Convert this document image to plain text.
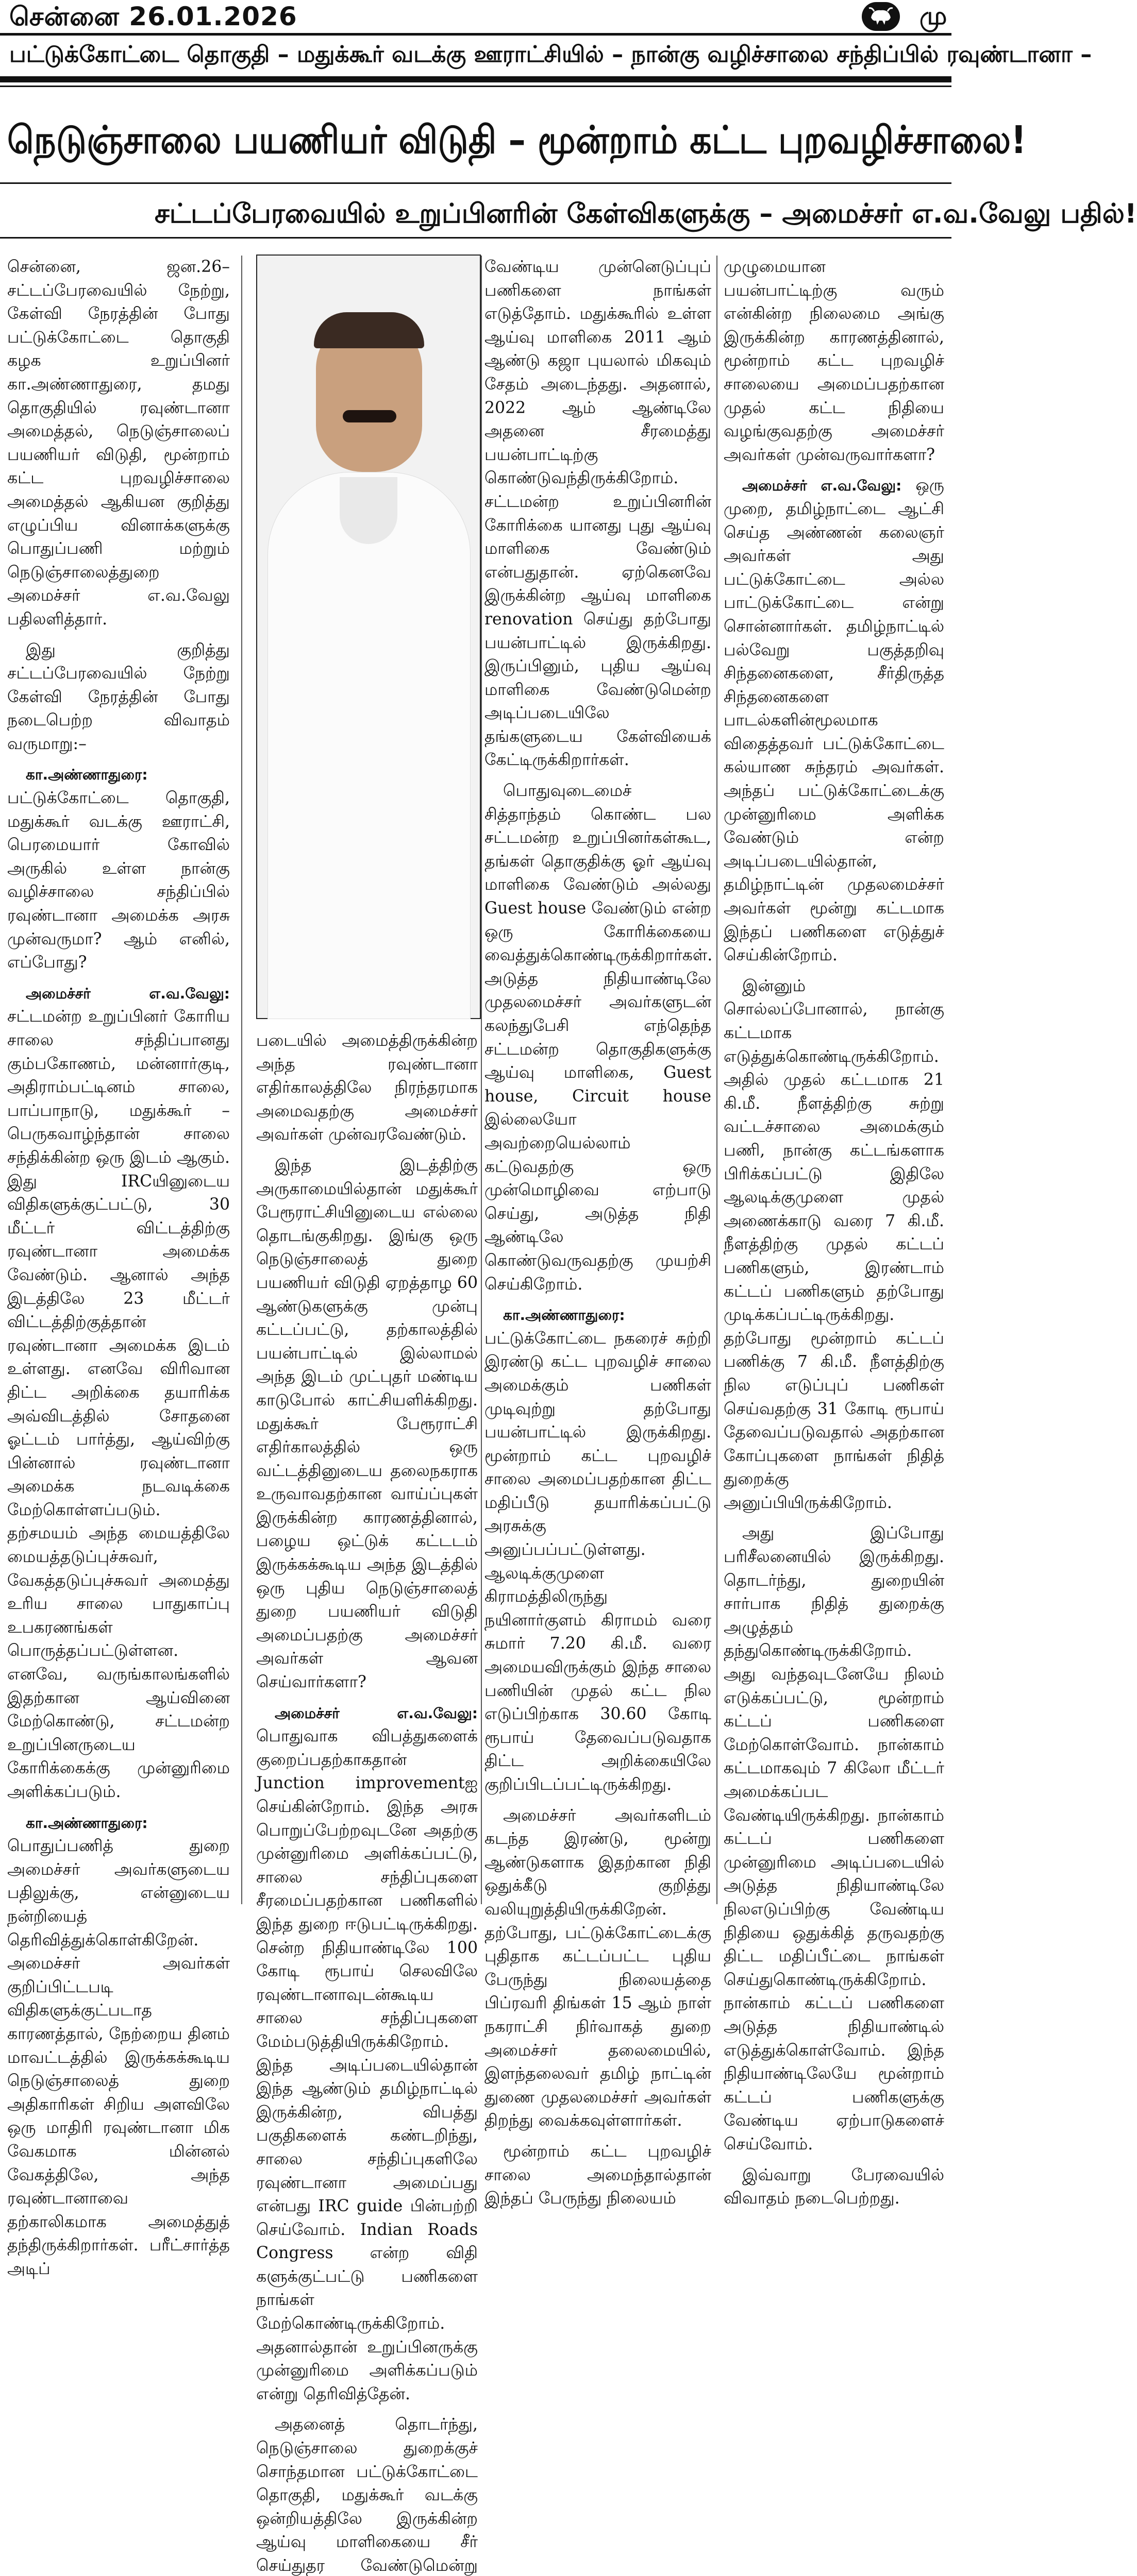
சென்னை 26.01.2026	மு
பட்டுக்கோட்டை தொகுதி – மதுக்கூர் வடக்கு ஊராட்சியில் – நான்கு வழிச்சாலை சந்திப்பில் ரவுண்டானா –
நெடுஞ்சாலை பயணியர் விடுதி – மூன்றாம் கட்ட புறவழிச்சாலை!
சட்டப்பேரவையில் உறுப்பினரின் கேள்விகளுக்கு – அமைச்சர் எ.வ.வேலு பதில்!

சென்னை, ஜன.26– சட்டப்பேரவையில் நேற்று, கேள்வி நேரத்தின் போது பட்டுக்கோட்டை தொகுதி கழக உறுப்பினர் கா.அண்ணாதுரை, தமது தொகுதியில் ரவுண்டானா அமைத்தல், நெடுஞ்சாலைப் பயணியர் விடுதி, மூன்றாம் கட்ட புறவழிச்சாலை அமைத்தல் ஆகியன குறித்து எழுப்பிய வினாக்களுக்கு பொதுப்பணி மற்றும் நெடுஞ்சாலைத்துறை அமைச்சர் எ.வ.வேலு பதிலளித்தார்.

இது குறித்து சட்டப்பேரவையில் நேற்று கேள்வி நேரத்தின் போது நடைபெற்ற விவாதம் வருமாறு:–

கா.அண்ணாதுரை: பட்டுக்கோட்டை தொகுதி, மதுக்கூர் வடக்கு ஊராட்சி, பெரமையார் கோவில் அருகில் உள்ள நான்கு வழிச்சாலை சந்திப்பில் ரவுண்டானா அமைக்க அரசு முன்வருமா? ஆம் எனில், எப்போது?

அமைச்சர் எ.வ.வேலு: சட்டமன்ற உறுப்பினர் கோரிய சாலை சந்திப்பானது கும்பகோணம், மன்னார்குடி, அதிராம்பட்டினம் சாலை, பாப்பாநாடு, மதுக்கூர் –பெருகவாழ்ந்தான் சாலை சந்திக்கின்ற ஒரு இடம் ஆகும். இது IRCயினுடைய விதிகளுக்குட்பட்டு, 30 மீட்டர் விட்டத்திற்கு ரவுண்டானா அமைக்க வேண்டும். ஆனால் அந்த இடத்திலே 23 மீட்டர் விட்டத்திற்குத்தான் ரவுண்டானா அமைக்க இடம் உள்ளது. எனவே விரிவான திட்ட அறிக்கை தயாரிக்க அவ்விடத்தில் சோதனை ஓட்டம் பார்த்து, ஆய்விற்கு பின்னால் ரவுண்டானா அமைக்க நடவடிக்கை மேற்கொள்ளப்படும். தற்சமயம் அந்த மையத்திலே மையத்தடுப்புச்சுவர், வேகத்தடுப்புச்சுவர் அமைத்து உரிய சாலை பாதுகாப்பு உபகரணங்கள் பொருத்தப்பட்டுள்ளன. எனவே, வருங்காலங்களில் இதற்கான ஆய்வினை மேற்கொண்டு, சட்டமன்ற உறுப்பினருடைய கோரிக்கைக்கு முன்னுரிமை அளிக்கப்படும்.

கா.அண்ணாதுரை: பொதுப்பணித் துறை அமைச்சர் அவர்களுடைய பதிலுக்கு, என்னுடைய நன்றியைத் தெரிவித்துக்கொள்கிறேன். அமைச்சர் அவர்கள் குறிப்பிட்டபடி விதிகளுக்குட்படாத காரணத்தால், நேற்றைய தினம் மாவட்டத்தில் இருக்கக்கூடிய நெடுஞ்சாலைத் துறை அதிகாரிகள் சிறிய அளவிலே ஒரு மாதிரி ரவுண்டானா மிக வேகமாக மின்னல் வேகத்திலே, அந்த ரவுண்டானாவை தற்காலிகமாக அமைத்துத் தந்திருக்கிறார்கள். பரீட்சார்த்த அடிப்

படையில் அமைத்திருக்கின்ற அந்த ரவுண்டானா எதிர்காலத்திலே நிரந்தரமாக அமைவதற்கு அமைச்சர் அவர்கள் முன்வரவேண்டும்.

இந்த இடத்திற்கு அருகாமையில்தான் மதுக்கூர் பேரூராட்சியினுடைய எல்லை தொடங்குகிறது. இங்கு ஒரு நெடுஞ்சாலைத் துறை பயணியர் விடுதி ஏறத்தாழ 60 ஆண்டுகளுக்கு முன்பு கட்டப்பட்டு, தற்காலத்தில் பயன்பாட்டில் இல்லாமல் அந்த இடம் முட்புதர் மண்டிய காடுபோல் காட்சியளிக்கிறது. மதுக்கூர் பேரூராட்சி எதிர்காலத்தில் ஒரு வட்டத்தினுடைய தலைநகராக உருவாவதற்கான வாய்ப்புகள் இருக்கின்ற காரணத்தினால், பழைய ஒட்டுக் கட்டடம் இருக்கக்கூடிய அந்த இடத்தில் ஒரு புதிய நெடுஞ்சாலைத் துறை பயணியர் விடுதி அமைப்பதற்கு அமைச்சர் அவர்கள் ஆவன செய்வார்களா?

அமைச்சர் எ.வ.வேலு: பொதுவாக விபத்துகளைக் குறைப்பதற்காகதான் Junction improvementஐ செய்கின்றோம். இந்த அரசு பொறுப்பேற்றவுடனே அதற்கு முன்னுரிமை அளிக்கப்பட்டு, சாலை சந்திப்புகளை சீரமைப்பதற்கான பணிகளில் இந்த துறை ஈடுபட்டிருக்கிறது. சென்ற நிதியாண்டிலே 100 கோடி ரூபாய் செலவிலே ரவுண்டானாவுடன்கூடிய சாலை சந்திப்புகளை மேம்படுத்தியிருக்கிறோம். இந்த அடிப்படையில்தான் இந்த ஆண்டும் தமிழ்நாட்டில் இருக்கின்ற, விபத்து பகுதிகளைக் கண்டறிந்து, சாலை சந்திப்புகளிலே ரவுண்டானா அமைப்பது என்பது IRC guide பின்பற்றி செய்வோம். Indian Roads Congress என்ற விதி களுக்குட்பட்டு பணிகளை நாங்கள் மேற்கொண்டிருக்கிறோம். அதனால்தான் உறுப்பினருக்கு முன்னுரிமை அளிக்கப்படும் என்று தெரிவித்தேன்.

அதனைத் தொடர்ந்து, நெடுஞ்சாலை துறைக்குச் சொந்தமான பட்டுக்கோட்டை தொகுதி, மதுக்கூர் வடக்கு ஒன்றியத்திலே இருக்கின்ற ஆய்வு மாளிகையை சீர் செய்துதர வேண்டுமென்று

வேண்டிய முன்னெடுப்புப் பணிகளை நாங்கள் எடுத்தோம். மதுக்கூரில் உள்ள ஆய்வு மாளிகை 2011 ஆம் ஆண்டு கஜா புயலால் மிகவும் சேதம் அடைந்தது. அதனால், 2022 ஆம் ஆண்டிலே அதனை சீரமைத்து பயன்பாட்டிற்கு கொண்டுவந்திருக்கிறோம். சட்டமன்ற உறுப்பினரின் கோரிக்கை யானது புது ஆய்வு மாளிகை வேண்டும் என்பதுதான். ஏற்கெனவே இருக்கின்ற ஆய்வு மாளிகை renovation செய்து தற்போது பயன்பாட்டில் இருக்கிறது. இருப்பினும், புதிய ஆய்வு மாளிகை வேண்டுமென்ற அடிப்படையிலே தங்களுடைய கேள்வியைக் கேட்டிருக்கிறார்கள்.

பொதுவுடைமைச் சித்தாந்தம் கொண்ட பல சட்டமன்ற உறுப்பினர்கள்கூட, தங்கள் தொகுதிக்கு ஓர் ஆய்வு மாளிகை வேண்டும் அல்லது Guest house வேண்டும் என்ற ஒரு கோரிக்கையை வைத்துக்கொண்டிருக்கிறார்கள். அடுத்த நிதியாண்டிலே முதலமைச்சர் அவர்களுடன் கலந்துபேசி எந்தெந்த சட்டமன்ற தொகுதிகளுக்கு ஆய்வு மாளிகை, Guest house, Circuit house இல்லையோ அவற்றையெல்லாம் கட்டுவதற்கு ஒரு முன்மொழிவை எற்பாடு செய்து, அடுத்த நிதி ஆண்டிலே கொண்டுவருவதற்கு முயற்சி செய்கிறோம்.

கா.அண்ணாதுரை: பட்டுக்கோட்டை நகரைச் சுற்றி இரண்டு கட்ட புறவழிச் சாலை அமைக்கும் பணிகள் முடிவுற்று தற்போது பயன்பாட்டில் இருக்கிறது. மூன்றாம் கட்ட புறவழிச் சாலை அமைப்பதற்கான திட்ட மதிப்பீடு தயாரிக்கப்பட்டு அரசுக்கு அனுப்பப்பட்டுள்ளது. ஆலடிக்குமுளை கிராமத்திலிருந்து நயினார்குளம் கிராமம் வரை சுமார் 7.20 கி.மீ. வரை அமையவிருக்கும் இந்த சாலை பணியின் முதல் கட்ட நில எடுப்பிற்காக 30.60 கோடி ரூபாய் தேவைப்படுவதாக திட்ட அறிக்கையிலே குறிப்பிடப்பட்டிருக்கிறது.

அமைச்சர் அவர்களிடம் கடந்த இரண்டு, மூன்று ஆண்டுகளாக இதற்கான நிதி ஒதுக்கீடு குறித்து வலியுறுத்தியிருக்கிறேன். தற்போது, பட்டுக்கோட்டைக்கு புதிதாக கட்டப்பட்ட புதிய பேருந்து நிலையத்தை பிப்ரவரி திங்கள் 15 ஆம் நாள் நகராட்சி நிர்வாகத் துறை அமைச்சர் தலைமையில், இளந்தலைவர் தமிழ் நாட்டின் துணை முதலமைச்சர் அவர்கள் திறந்து வைக்கவுள்ளார்கள்.

மூன்றாம் கட்ட புறவழிச் சாலை அமைந்தால்தான் இந்தப் பேருந்து நிலையம்

முழுமையான பயன்பாட்டிற்கு வரும் என்கின்ற நிலைமை அங்கு இருக்கின்ற காரணத்தினால், மூன்றாம் கட்ட புறவழிச் சாலையை அமைப்பதற்கான முதல் கட்ட நிதியை வழங்குவதற்கு அமைச்சர் அவர்கள் முன்வருவார்களா?

அமைச்சர் எ.வ.வேலு: ஒரு முறை, தமிழ்நாட்டை ஆட்சி செய்த அண்ணன் கலைஞர் அவர்கள் அது பட்டுக்கோட்டை அல்ல பாட்டுக்கோட்டை என்று சொன்னார்கள். தமிழ்நாட்டில் பல்வேறு பகுத்தறிவு சிந்தனைகளை, சீர்திருத்த சிந்தனைகளை பாடல்களின்மூலமாக விதைத்தவர் பட்டுக்கோட்டை கல்யாண சுந்தரம் அவர்கள். அந்தப் பட்டுக்கோட்டைக்கு முன்னுரிமை அளிக்க வேண்டும் என்ற அடிப்படையில்தான், தமிழ்நாட்டின் முதலமைச்சர் அவர்கள் மூன்று கட்டமாக இந்தப் பணிகளை எடுத்துச் செய்கின்றோம்.

இன்னும் சொல்லப்போனால், நான்கு கட்டமாக எடுத்துக்கொண்டிருக்கிறோம். அதில் முதல் கட்டமாக 21 கி.மீ. நீளத்திற்கு சுற்று வட்டச்சாலை அமைக்கும் பணி, நான்கு கட்டங்களாக பிரிக்கப்பட்டு இதிலே ஆலடிக்குமுளை முதல் அணைக்காடு வரை 7 கி.மீ. நீளத்திற்கு முதல் கட்டப் பணிகளும், இரண்டாம் கட்டப் பணிகளும் தற்போது முடிக்கப்பட்டிருக்கிறது. தற்போது மூன்றாம் கட்டப் பணிக்கு 7 கி.மீ. நீளத்திற்கு நில எடுப்புப் பணிகள் செய்வதற்கு 31 கோடி ரூபாய் தேவைப்படுவதால் அதற்கான கோப்புகளை நாங்கள் நிதித் துறைக்கு அனுப்பியிருக்கிறோம்.

அது இப்போது பரிசீலனையில் இருக்கிறது. தொடர்ந்து, துறையின் சார்பாக நிதித் துறைக்கு அழுத்தம் தந்துகொண்டிருக்கிறோம். அது வந்தவுடனேயே நிலம் எடுக்கப்பட்டு, மூன்றாம் கட்டப் பணிகளை மேற்கொள்வோம். நான்காம் கட்டமாகவும் 7 கிலோ மீட்டர் அமைக்கப்பட வேண்டியிருக்கிறது. நான்காம் கட்டப் பணிகளை முன்னுரிமை அடிப்படையில் அடுத்த நிதியாண்டிலே நிலஎடுப்பிற்கு வேண்டிய நிதியை ஒதுக்கித் தருவதற்கு திட்ட மதிப்பீட்டை நாங்கள் செய்துகொண்டிருக்கிறோம். நான்காம் கட்டப் பணிகளை அடுத்த நிதியாண்டில் எடுத்துக்கொள்வோம். இந்த நிதியாண்டிலேயே மூன்றாம் கட்டப் பணிகளுக்கு வேண்டிய ஏற்பாடுகளைச் செய்வோம்.

இவ்வாறு பேரவையில் விவாதம் நடைபெற்றது.
